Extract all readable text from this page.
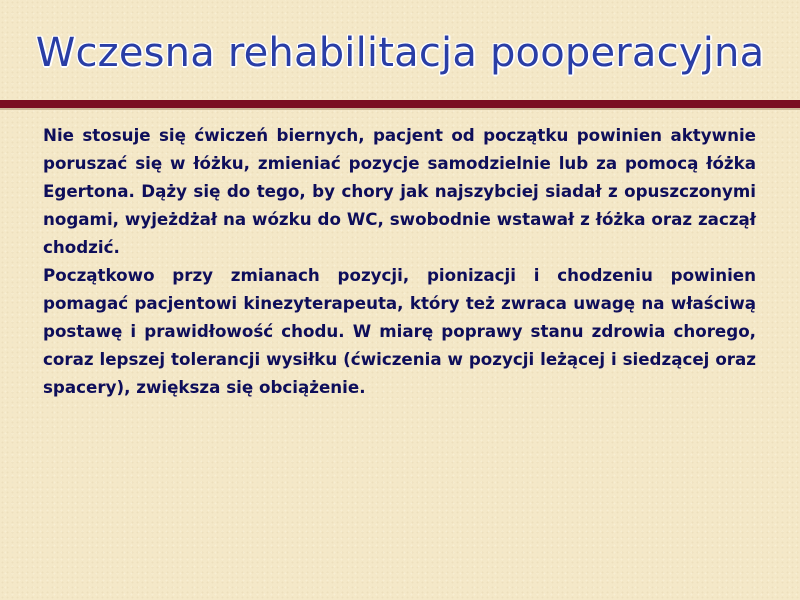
Wczesna rehabilitacja pooperacyjna

Nie stosuje się ćwiczeń biernych, pacjent od początku powinien aktywnie poruszać się w łóżku, zmieniać pozycje samodzielnie lub za pomocą łóżka Egertona. Dąży się do tego, by chory jak najszybciej siadał z opuszczonymi nogami, wyjeżdżał na wózku do WC, swobodnie wstawał z łóżka oraz zaczął chodzić.

Początkowo przy zmianach pozycji, pionizacji i chodzeniu powinien pomagać pacjentowi kinezyterapeuta, który też zwraca uwagę na właściwą postawę i prawidłowość chodu. W miarę poprawy stanu zdrowia chorego, coraz lepszej tolerancji wysiłku (ćwiczenia w pozycji leżącej i siedzącej oraz spacery), zwiększa się obciążenie.
